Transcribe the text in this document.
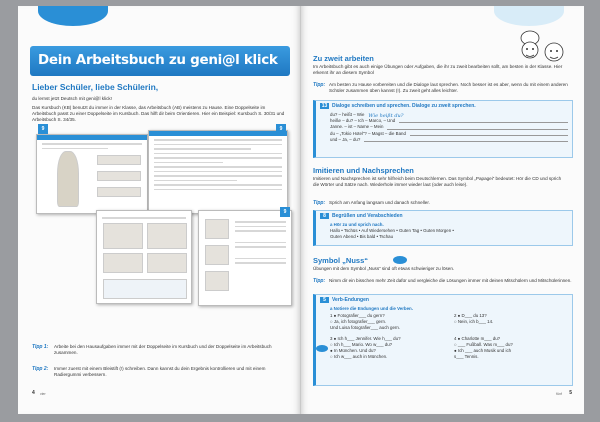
Dein Arbeitsbuch zu geni@l klick
Lieber Schüler, liebe Schülerin,

du lernst jetzt Deutsch mit geni@l klick!

Das Kursbuch (KB) benutzt du immer in der Klasse, das Arbeitsbuch (AB) meistens zu Hause. Eine Doppelseite im Arbeitsbuch passt zu einer Doppelseite im Kursbuch. Das hilft dir beim Orientieren. Hier ein Beispiel: Kursbuch S. 30/31 und Arbeitsbuch S. 34/35.

9	9
9
Tipp 1:	Arbeite bei den Hausaufgaben immer mit der Doppelseite im Kursbuch und der Doppelseite im Arbeitsbuch zusammen.
Tipp 2:	Immer zuerst mit einem Bleistift (!) schreiben. Dann kannst du dein Ergebnis kontrollieren und mit einem Radiergummi verbessern.
4 vier
Zu zweit arbeiten
Im Arbeitsbuch gibt es auch einige Übungen oder Aufgaben, die ihr zu zweit bearbeiten sollt, am besten in der Klasse. Hier erkennt ihr an diesem Symbol
Tipp: Am besten zu Hause vorbereiten und die Dialoge laut sprechen. Noch besser ist es aber, wenn du mit einem anderen Schüler zusammen üben kannst (!). Zu zweit geht alles leichter.
13 Dialoge schreiben und sprechen. Dialoge zu zweit sprechen.
du? – heißt – Wie Wie heißt du?
heiße – du? – Ich – Marco, – Und
Janne. – ist – Name – Mein
du – „Tokio Hotel“? – Magst – die Band
und – Ja, – du?
Imitieren und Nachsprechen
Imitieren und Nachsprechen ist sehr hilfreich beim Deutschlernen. Das Symbol „Papagei“ bedeutet: Hör die CD und sprich die Wörter und Sätze nach. Wiederhole immer wieder laut (oder auch leise).
Tipp: Sprich am Anfang langsam und danach schneller.
8 Begrüßen und Verabschieden
a Hör zu und sprich nach.
Hallo • Tschüs • Auf Wiedersehen • Guten Tag • Guten Morgen •
Guten Abend • Bis bald • Tschau
Symbol „Nuss“
Übungen mit dem Symbol „Nuss“ sind oft etwas schwieriger zu lösen.
Tipp: Nimm dir ein bisschen mehr Zeit dafür und vergleiche die Lösungen immer mit deinen Mitschülern und Mitschülerinnen.
5 Verb-Endungen
a Notiere die Endungen und die Verben.
1 ● Fotografier___ du gern?
○ Ja, ich fotografier___ gern.
Und Luisa fotografier___ auch gern.
3 ● Ich h___ Jennifer. Wie h___ du?
○ Ich h___ Mario. Wo w___ du?
● In München. Und du?
○ Ich w___ auch in München.
2 ● D___ du 13?
○ Nein, ich b___ 14.
4 ● Charlotte m___ du?
○ ___ Fußball. Was m___ du?
● Ich ___ auch Musik und ich
s___ Tennis.
5
fünf
